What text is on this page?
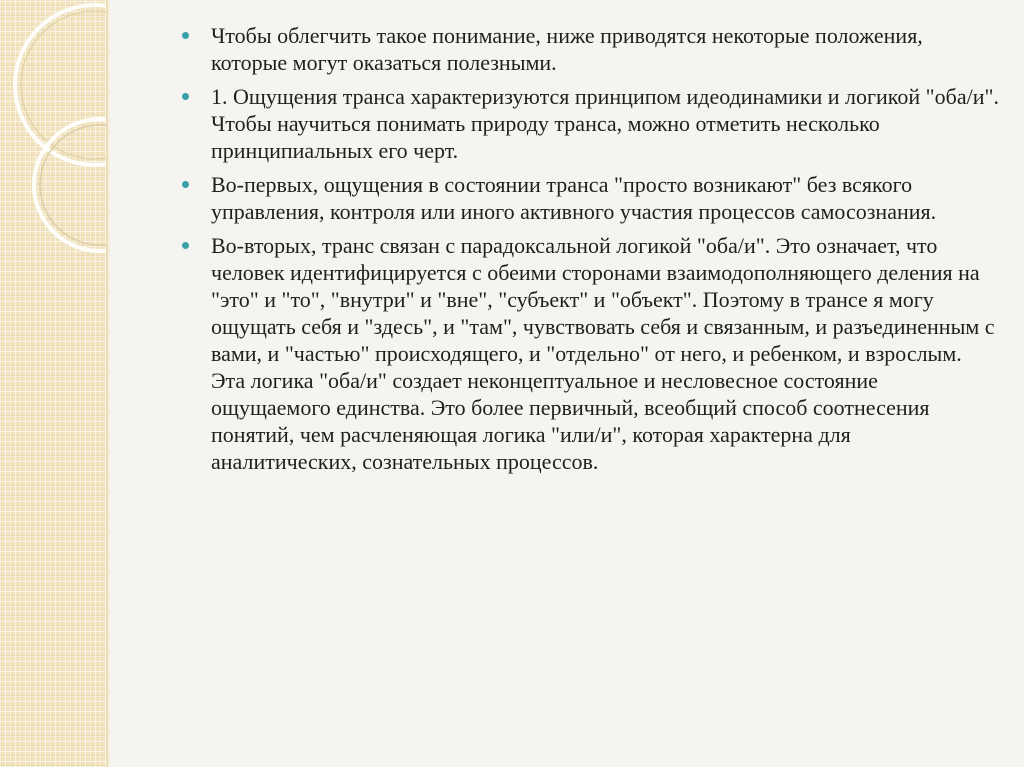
Чтобы облегчить такое понимание, ниже приводятся некоторые положения, которые могут оказаться полезными.
1. Ощущения транса характеризуются принципом идеодинамики и логикой "оба/и". Чтобы научиться понимать природу транса, можно отметить несколько принципиальных его черт.
Во-первых, ощущения в состоянии транса "просто возникают" без всякого управления, контроля или иного активного участия процессов самосознания.
Во-вторых, транс связан с парадоксальной логикой "оба/и". Это означает, что человек идентифицируется с обеими сторонами взаимодополняющего деления на "это" и "то", "внутри" и "вне", "субъект" и "объект". Поэтому в трансе я могу ощущать себя и "здесь", и "там", чувствовать себя и связанным, и разъединенным с вами, и "частью" происходящего, и "отдельно" от него, и ребенком, и взрослым. Эта логика "оба/и" создает неконцептуальное и несловесное состояние ощущаемого единства. Это более первичный, всеобщий способ соотнесения понятий, чем расчленяющая логика "или/и", которая характерна для аналитических, сознательных процессов.
